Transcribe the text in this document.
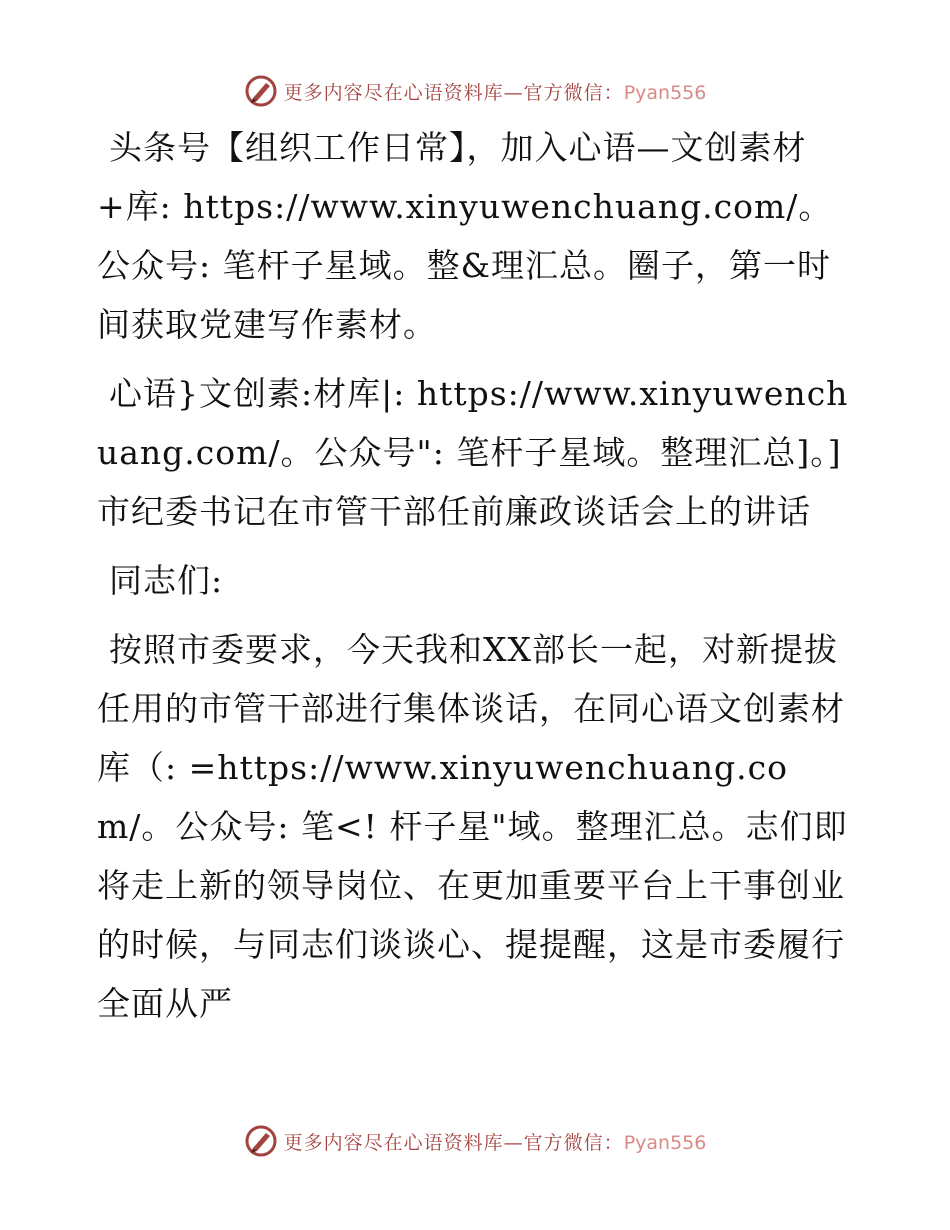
更多内容尽在心语资料库—官方微信：Pyan556

头条号【组织工作日常】，加入心语—文创素材+库: https://www.xinyuwenchuang.com/。公众号: 笔杆子星域。整&理汇总。圈子，第一时间获取党建写作素材。

心语}文创素:材库|: https://www.xinyuwenchuang.com/。公众号": 笔杆子星域。整理汇总]。]市纪委书记在市管干部任前廉政谈话会上的讲话

同志们:

按照市委要求，今天我和XX部长一起，对新提拔任用的市管干部进行集体谈话，在同心语文创素材库（: =https://www.xinyuwenchuang.com/。公众号: 笔<! 杆子星"域。整理汇总。志们即将走上新的领导岗位、在更加重要平台上干事创业的时候，与同志们谈谈心、提提醒，这是市委履行全面从严

更多内容尽在心语资料库—官方微信：Pyan556
